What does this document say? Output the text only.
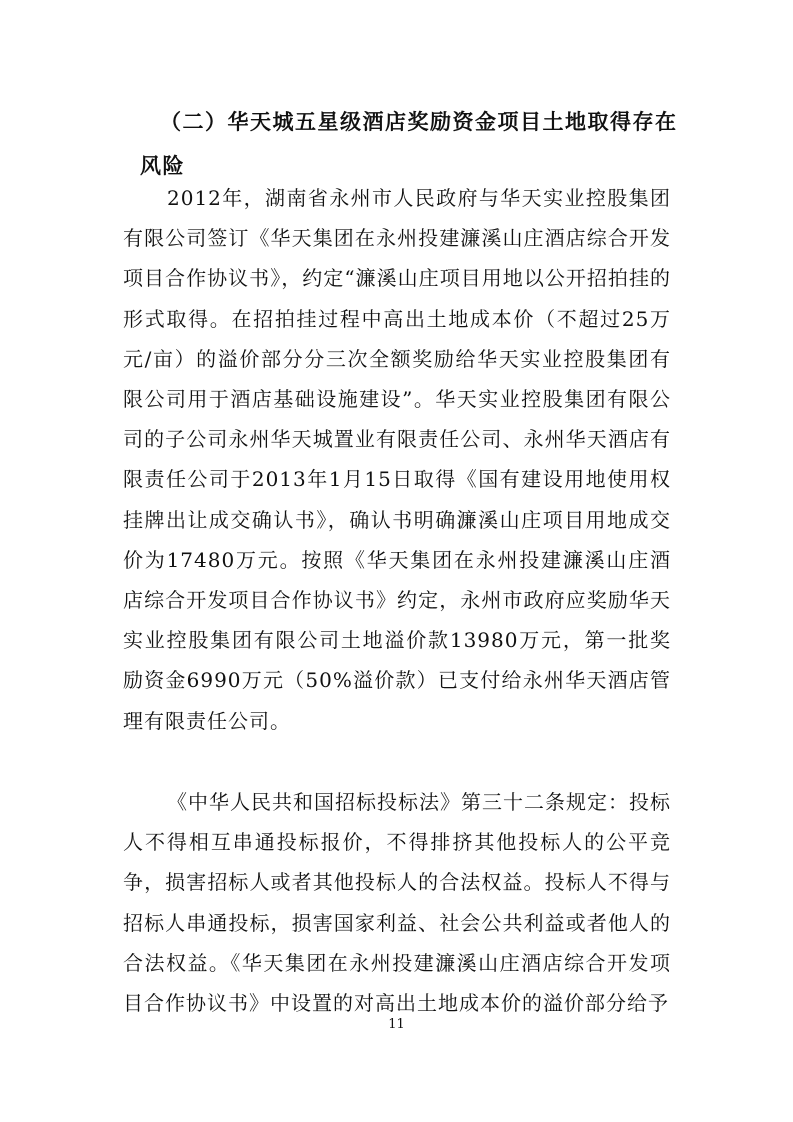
（二）华天城五星级酒店奖励资金项目土地取得存在风险
2012年，湖南省永州市人民政府与华天实业控股集团有限公司签订《华天集团在永州投建濂溪山庄酒店综合开发项目合作协议书》，约定“濂溪山庄项目用地以公开招拍挂的形式取得。在招拍挂过程中高出土地成本价（不超过25万元/亩）的溢价部分分三次全额奖励给华天实业控股集团有限公司用于酒店基础设施建设”。华天实业控股集团有限公司的子公司永州华天城置业有限责任公司、永州华天酒店有限责任公司于2013年1月15日取得《国有建设用地使用权挂牌出让成交确认书》，确认书明确濂溪山庄项目用地成交价为17480万元。按照《华天集团在永州投建濂溪山庄酒店综合开发项目合作协议书》约定，永州市政府应奖励华天实业控股集团有限公司土地溢价款13980万元，第一批奖励资金6990万元（50%溢价款）已支付给永州华天酒店管理有限责任公司。
《中华人民共和国招标投标法》第三十二条规定：投标人不得相互串通投标报价，不得排挤其他投标人的公平竞争，损害招标人或者其他投标人的合法权益。投标人不得与招标人串通投标，损害国家利益、社会公共利益或者他人的合法权益。《华天集团在永州投建濂溪山庄酒店综合开发项目合作协议书》中设置的对高出土地成本价的溢价部分给予
11
